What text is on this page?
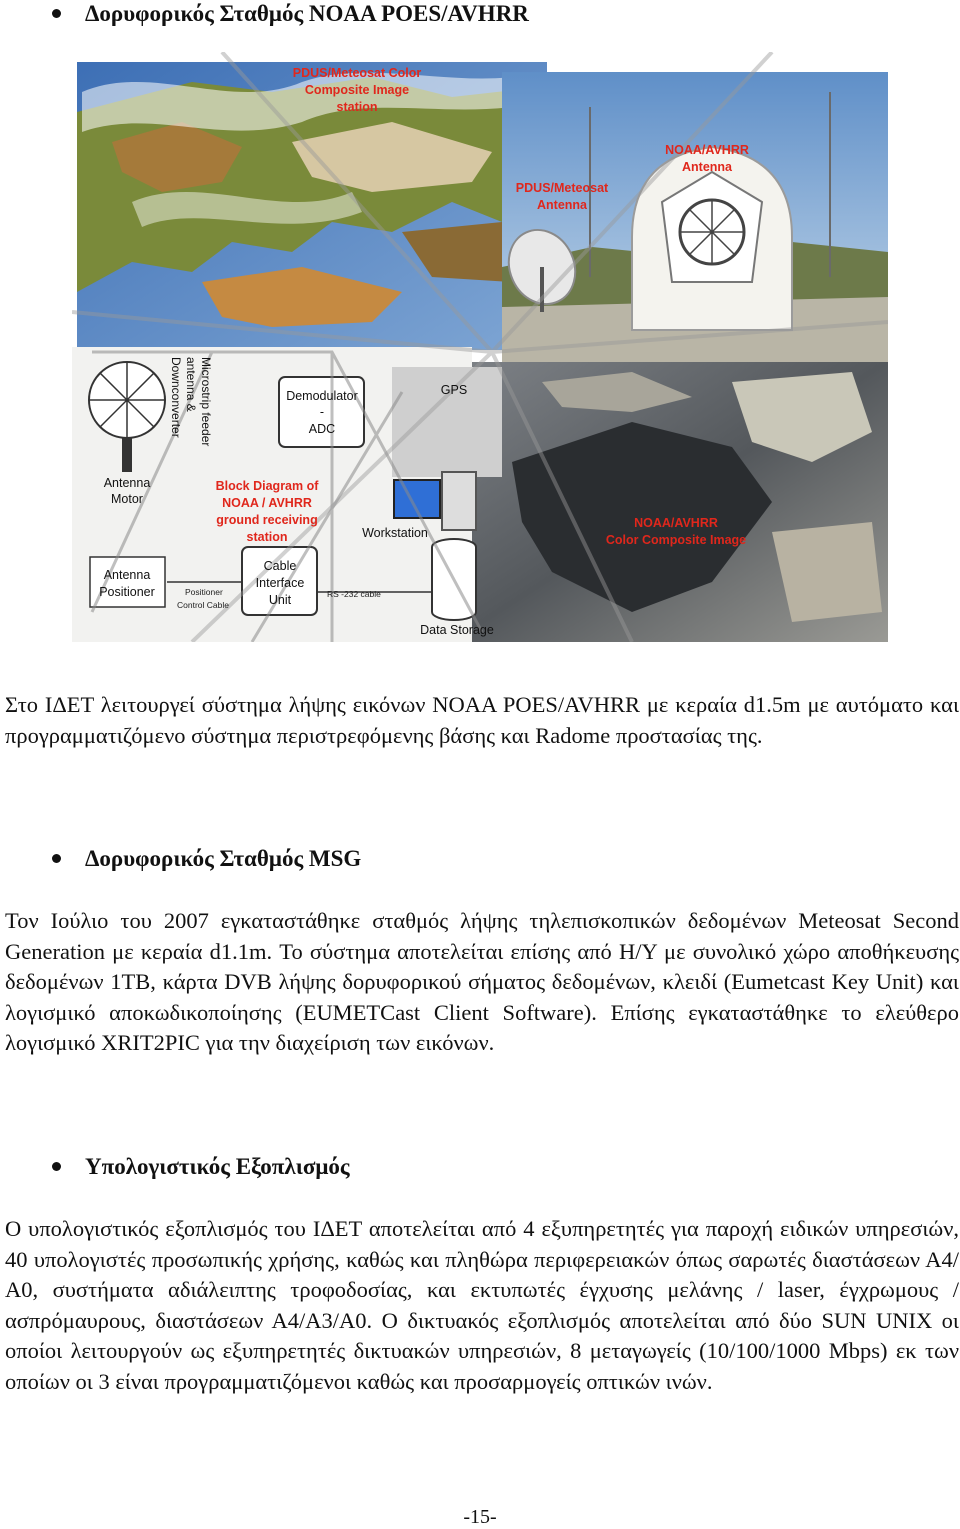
Δορυφορικός Σταθμός NOAA POES/AVHRR
PDUS/Meteosat Color
Composite Image
station
NOAA/AVHRR
Antenna
PDUS/Meteosat
Antenna
Block Diagram of
NOAA / AVHRR
ground receiving
station
NOAA/AVHRR
Color Composite Image
Demodulator
-
ADC
GPS
Antenna
Motor
Workstation
Antenna
Positioner
Cable
Interface
Unit
Data Storage
Microstrip feeder
antenna &
Downconverter
Positioner
Control Cable
RS -232 cable

Στο ΙΔΕΤ λειτουργεί σύστημα λήψης εικόνων NOAA POES/AVHRR με κεραία d1.5m με αυτόματο και προγραμματιζόμενο σύστημα περιστρεφόμενης βάσης και Radome προστασίας της.

Δορυφορικός Σταθμός MSG

Τον Ιούλιο του 2007 εγκαταστάθηκε σταθμός λήψης τηλεπισκοπικών δεδομένων Meteosat Second Generation με κεραία d1.1m. Το σύστημα αποτελείται επίσης από Η/Υ με συνολικό χώρο αποθήκευσης δεδομένων 1ΤΒ, κάρτα DVB λήψης δορυφορικού σήματος δεδομένων, κλειδί (Eumetcast Key Unit) και λογισμικό αποκωδικοποίησης (EUMETCast Client Software). Επίσης εγκαταστάθηκε το ελεύθερο λογισμικό XRIT2PIC για την διαχείριση των εικόνων.

Υπολογιστικός Εξοπλισμός

Ο υπολογιστικός εξοπλισμός του ΙΔΕΤ αποτελείται από 4 εξυπηρετητές για παροχή ειδικών υπηρεσιών, 40 υπολογιστές προσωπικής χρήσης, καθώς και πληθώρα περιφερειακών όπως σαρωτές διαστάσεων Α4/Α0, συστήματα αδιάλειπτης τροφοδοσίας, και εκτυπωτές έγχυσης μελάνης / laser, έγχρωμους / ασπρόμαυρους, διαστάσεων Α4/Α3/Α0. Ο δικτυακός εξοπλισμός αποτελείται από δύο SUN UNIX οι οποίοι λειτουργούν ως εξυπηρετητές δικτυακών υπηρεσιών, 8 μεταγωγείς (10/100/1000 Mbps) εκ των οποίων οι 3 είναι προγραμματιζόμενοι καθώς και προσαρμογείς οπτικών ινών.

-15-
